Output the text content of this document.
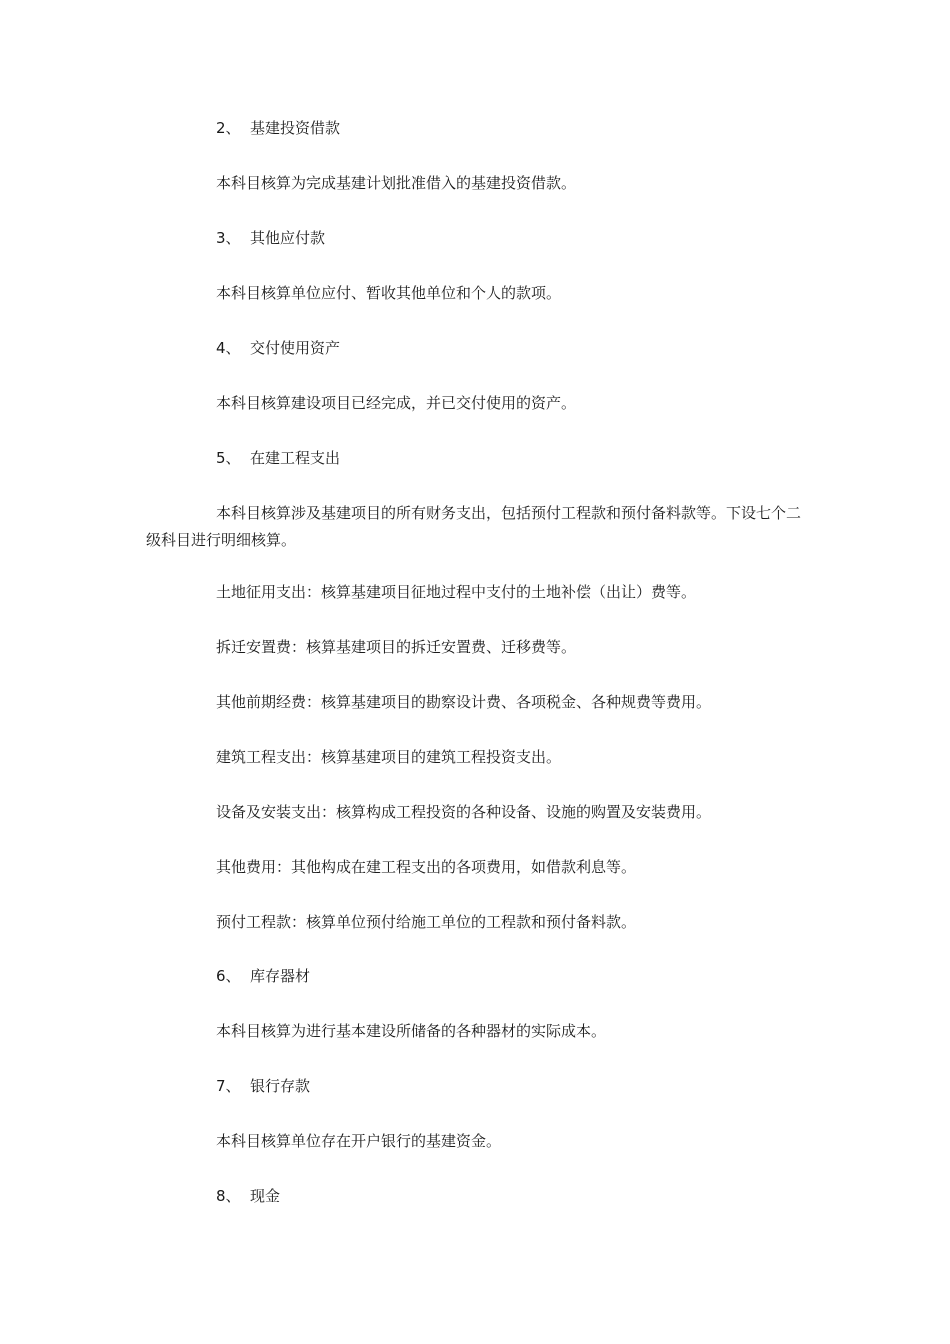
2、 基建投资借款
本科目核算为完成基建计划批准借入的基建投资借款。
3、 其他应付款
本科目核算单位应付、暂收其他单位和个人的款项。
4、 交付使用资产
本科目核算建设项目已经完成，并已交付使用的资产。
5、 在建工程支出
本科目核算涉及基建项目的所有财务支出，包括预付工程款和预付备料款等。下设七个二级科目进行明细核算。
土地征用支出：核算基建项目征地过程中支付的土地补偿（出让）费等。
拆迁安置费：核算基建项目的拆迁安置费、迁移费等。
其他前期经费：核算基建项目的勘察设计费、各项税金、各种规费等费用。
建筑工程支出：核算基建项目的建筑工程投资支出。
设备及安装支出：核算构成工程投资的各种设备、设施的购置及安装费用。
其他费用：其他构成在建工程支出的各项费用，如借款利息等。
预付工程款：核算单位预付给施工单位的工程款和预付备料款。
6、 库存器材
本科目核算为进行基本建设所储备的各种器材的实际成本。
7、 银行存款
本科目核算单位存在开户银行的基建资金。
8、 现金
